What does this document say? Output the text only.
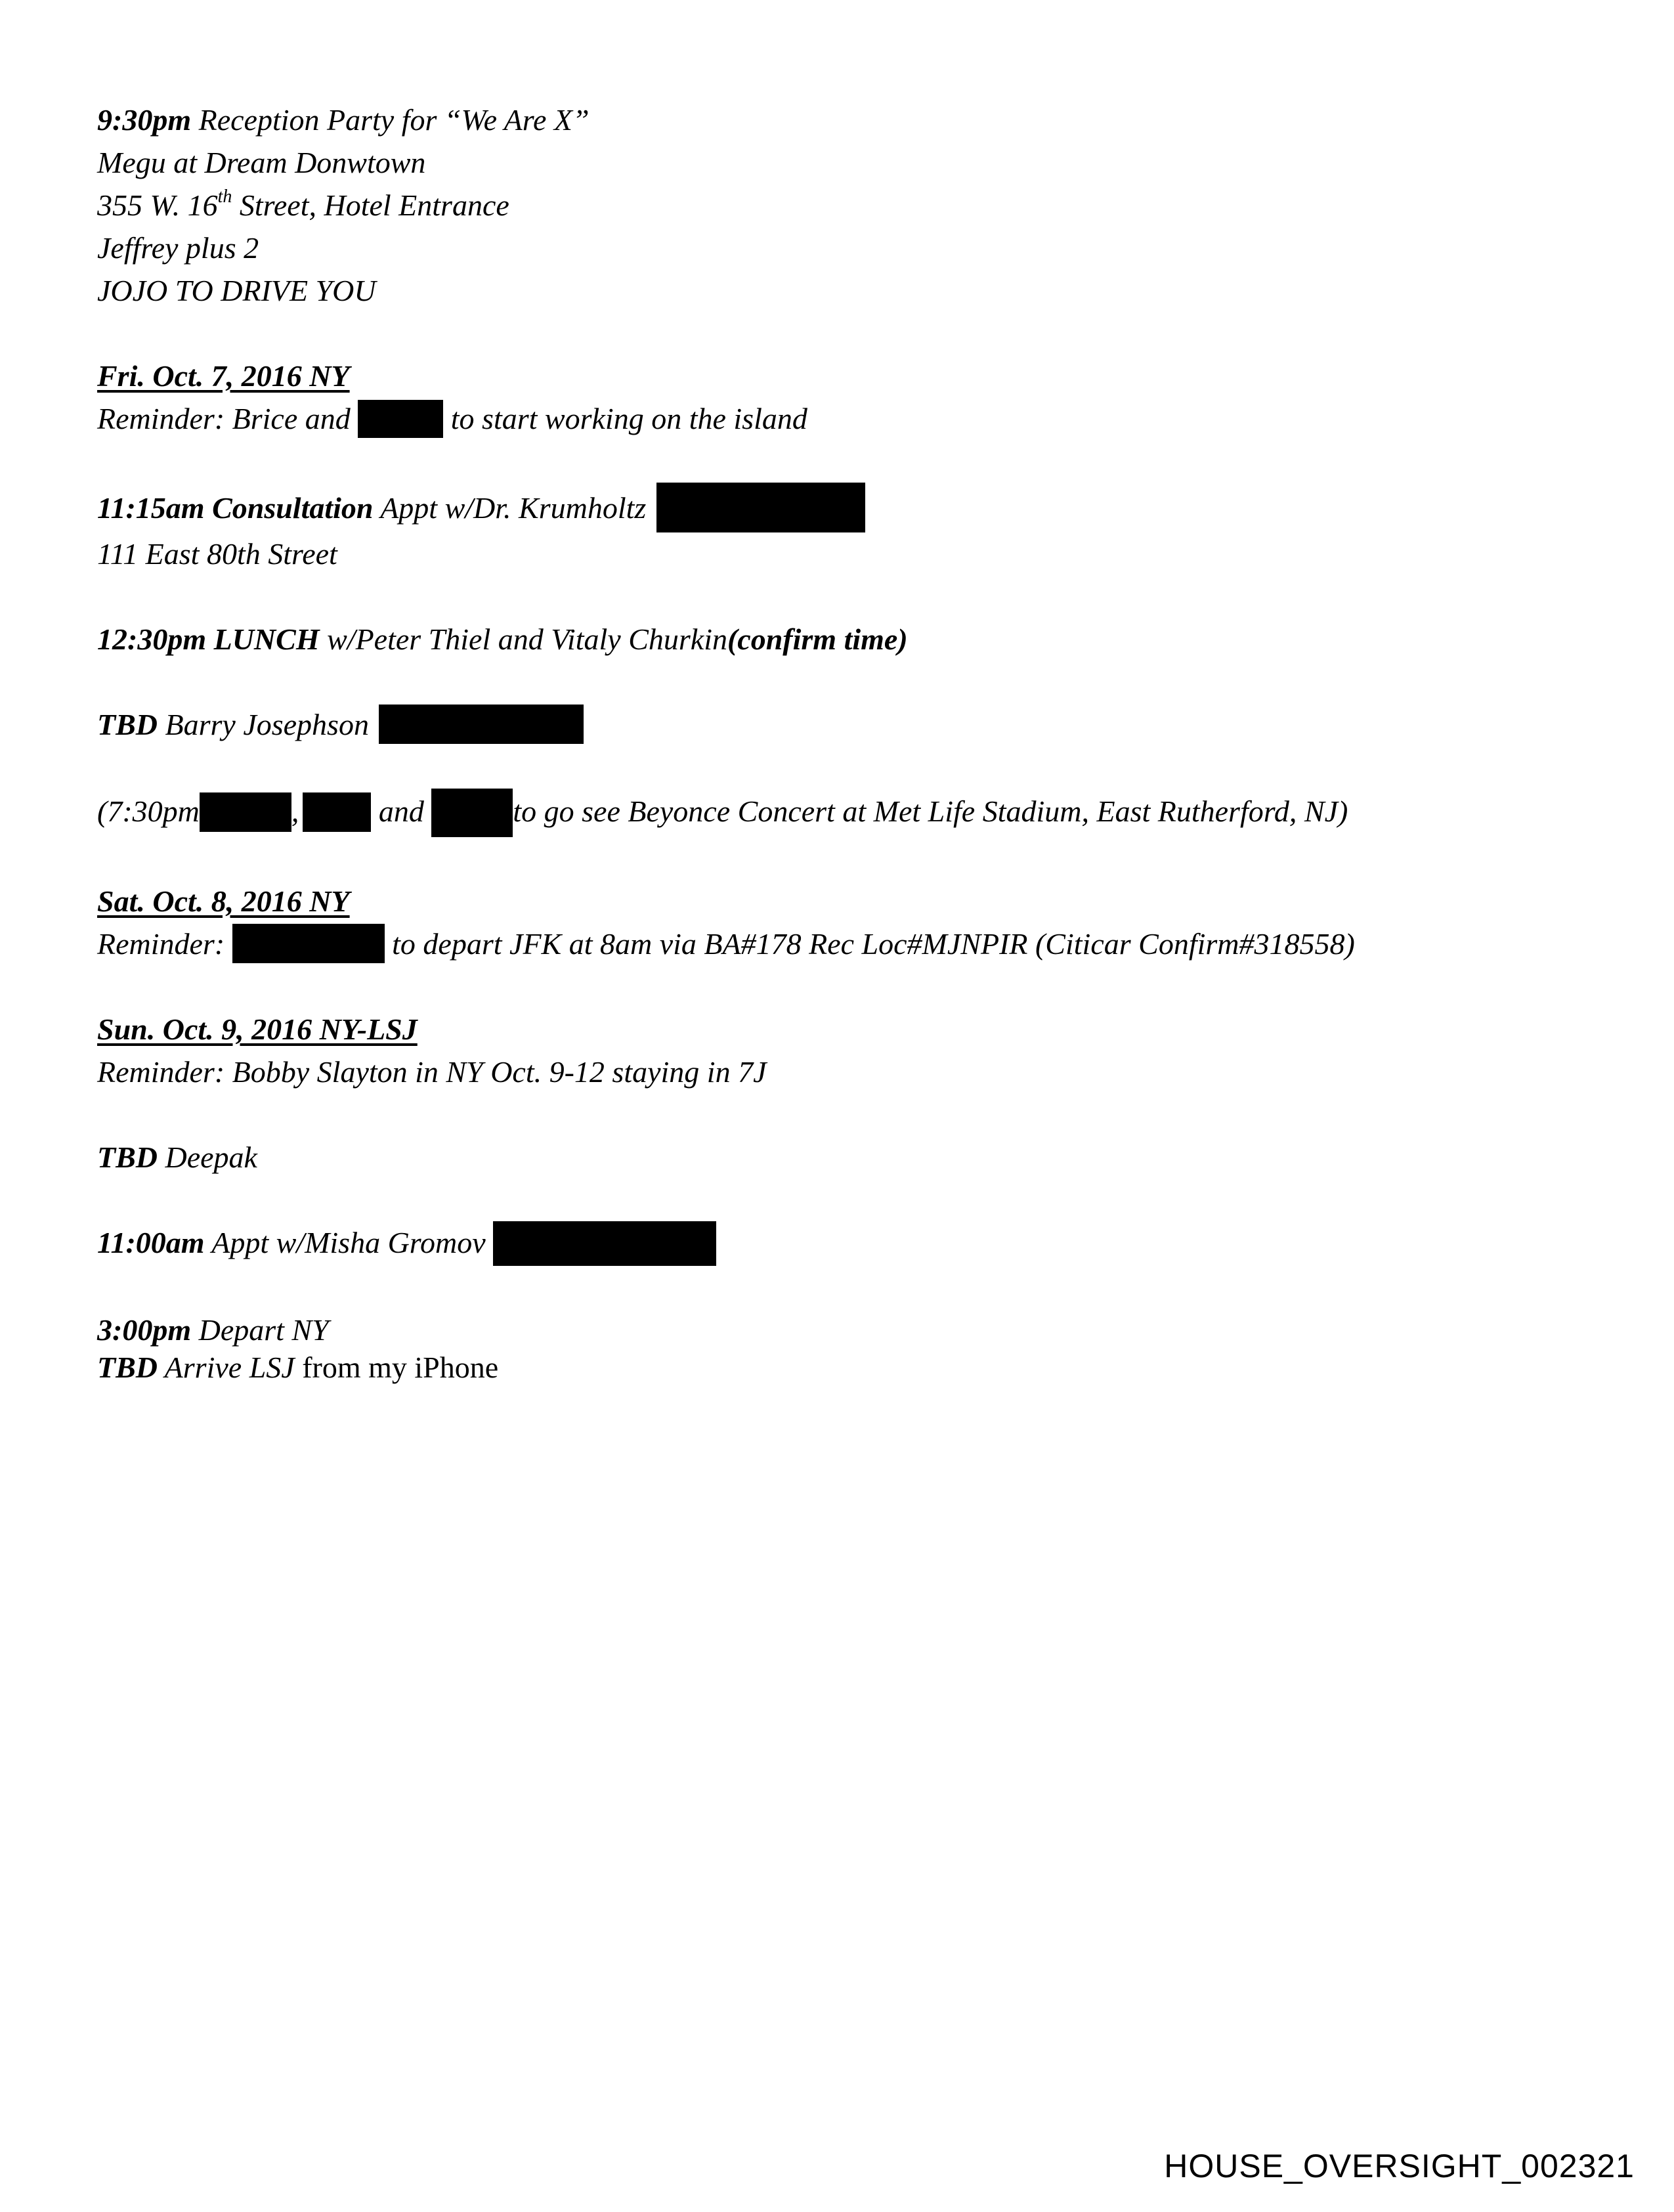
9:30pm Reception Party for “We Are X”
Megu at Dream Donwtown
355 W. 16th Street, Hotel Entrance
Jeffrey plus 2
JOJO TO DRIVE YOU
Fri. Oct. 7, 2016 NY
Reminder: Brice and	to start working on the island
11:15am Consultation Appt w/Dr. Krumholtz
111 East 80th Street
12:30pm LUNCH w/Peter Thiel and Vitaly Churkin(confirm time)
TBD Barry Josephson
(7:30pm	,	and	to go see Beyonce Concert at Met Life Stadium, East Rutherford, NJ)
Sat. Oct. 8, 2016 NY
Reminder:	to depart JFK at 8am via BA#178 Rec Loc#MJNPIR (Citicar Confirm#318558)
Sun. Oct. 9, 2016 NY-LSJ
Reminder: Bobby Slayton in NY Oct. 9-12 staying in 7J
TBD Deepak
11:00am Appt w/Misha Gromov
3:00pm Depart NY
TBD Arrive LSJ from my iPhone
HOUSE_OVERSIGHT_002321
